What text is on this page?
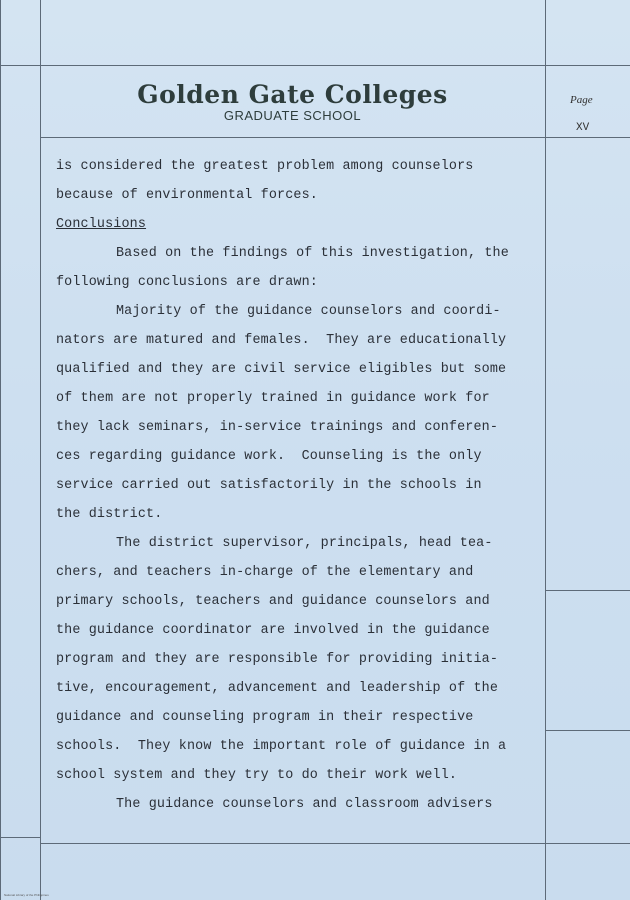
Golden Gate Colleges
GRADUATE SCHOOL
Page
XV
is considered the greatest problem among counselors
because of environmental forces.
Conclusions
Based on the findings of this investigation, the
following conclusions are drawn:
Majority of the guidance counselors and coordi-
nators are matured and females.  They are educationally
qualified and they are civil service eligibles but some
of them are not properly trained in guidance work for
they lack seminars, in-service trainings and conferen-
ces regarding guidance work.  Counseling is the only
service carried out satisfactorily in the schools in
the district.
The district supervisor, principals, head tea-
chers, and teachers in-charge of the elementary and
primary schools, teachers and guidance counselors and
the guidance coordinator are involved in the guidance
program and they are responsible for providing initia-
tive, encouragement, advancement and leadership of the
guidance and counseling program in their respective
schools.  They know the important role of guidance in a
school system and they try to do their work well.
The guidance counselors and classroom advisers
National Library of the Philippines
